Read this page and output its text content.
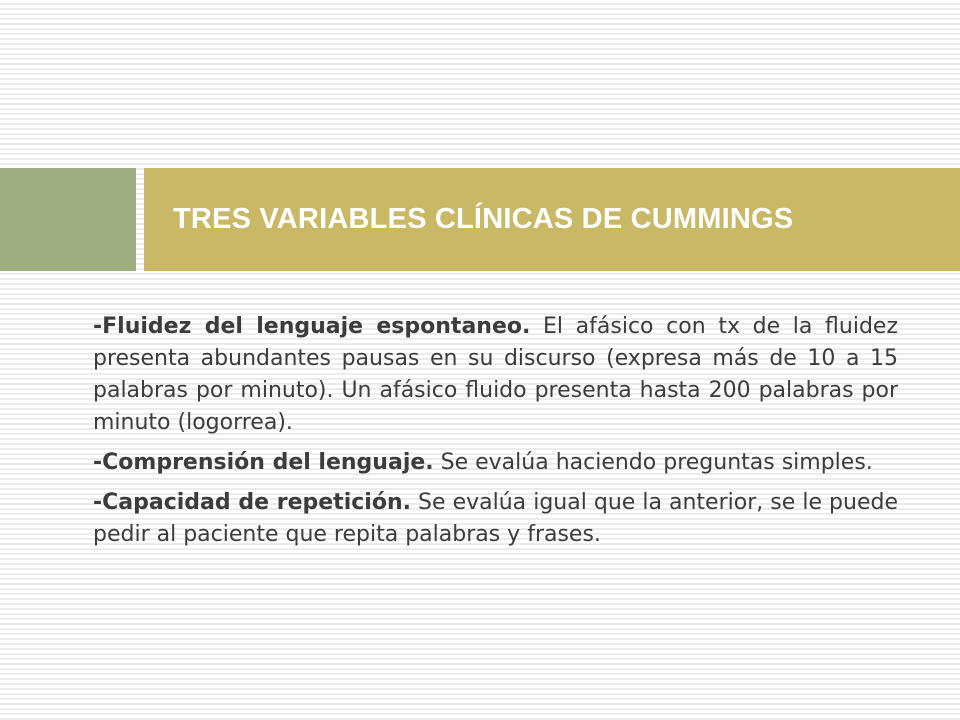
TRES VARIABLES CLÍNICAS DE CUMMINGS

-Fluidez del lenguaje espontaneo. El afásico con tx de la fluidez presenta abundantes pausas en su discurso (expresa más de 10 a 15 palabras por minuto). Un afásico fluido presenta hasta 200 palabras por minuto (logorrea).

-Comprensión del lenguaje. Se evalúa haciendo preguntas simples.

-Capacidad de repetición. Se evalúa igual que la anterior, se le puede pedir al paciente que repita palabras y frases.
